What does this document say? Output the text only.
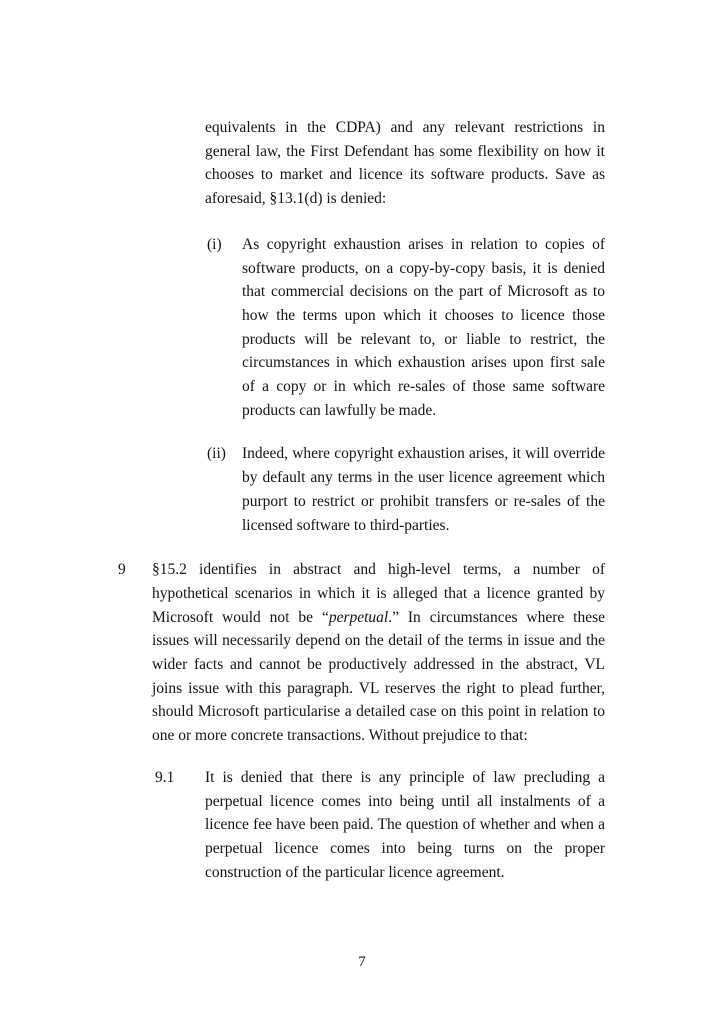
equivalents in the CDPA) and any relevant restrictions in general law, the First Defendant has some flexibility on how it chooses to market and licence its software products. Save as aforesaid, §13.1(d) is denied:

(i)	As copyright exhaustion arises in relation to copies of software products, on a copy-by-copy basis, it is denied that commercial decisions on the part of Microsoft as to how the terms upon which it chooses to licence those products will be relevant to, or liable to restrict, the circumstances in which exhaustion arises upon first sale of a copy or in which re-sales of those same software products can lawfully be made.
(ii)	Indeed, where copyright exhaustion arises, it will override by default any terms in the user licence agreement which purport to restrict or prohibit transfers or re-sales of the licensed software to third-parties.
9	§15.2 identifies in abstract and high-level terms, a number of hypothetical scenarios in which it is alleged that a licence granted by Microsoft would not be “perpetual.” In circumstances where these issues will necessarily depend on the detail of the terms in issue and the wider facts and cannot be productively addressed in the abstract, VL joins issue with this paragraph. VL reserves the right to plead further, should Microsoft particularise a detailed case on this point in relation to one or more concrete transactions. Without prejudice to that:
9.1	It is denied that there is any principle of law precluding a perpetual licence comes into being until all instalments of a licence fee have been paid. The question of whether and when a perpetual licence comes into being turns on the proper construction of the particular licence agreement.
7
